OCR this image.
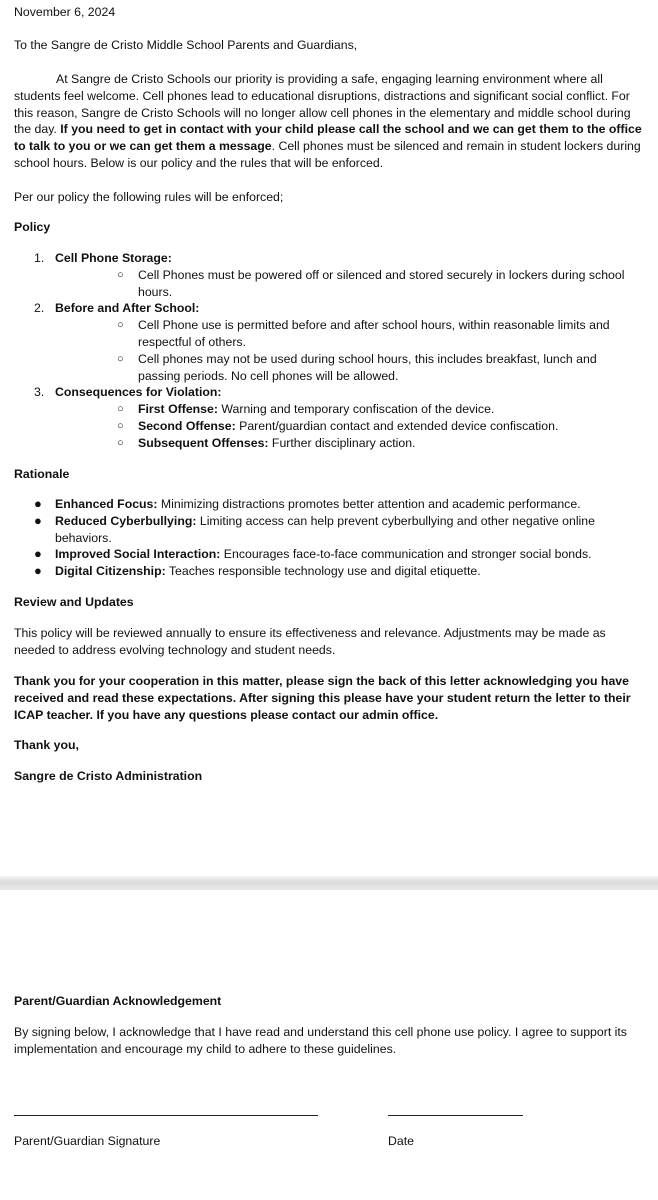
November 6, 2024

To the Sangre de Cristo Middle School Parents and Guardians,

At Sangre de Cristo Schools our priority is providing a safe, engaging learning environment where all students feel welcome. Cell phones lead to educational disruptions, distractions and significant social conflict. For this reason, Sangre de Cristo Schools will no longer allow cell phones in the elementary and middle school during the day. If you need to get in contact with your child please call the school and we can get them to the office to talk to you or we can get them a message. Cell phones must be silenced and remain in student lockers during school hours. Below is our policy and the rules that will be enforced.

Per our policy the following rules will be enforced;

Policy

1. Cell Phone Storage:
○ Cell Phones must be powered off or silenced and stored securely in lockers during school hours.
2. Before and After School:
○ Cell Phone use is permitted before and after school hours, within reasonable limits and respectful of others.
○ Cell phones may not be used during school hours, this includes breakfast, lunch and passing periods. No cell phones will be allowed.
3. Consequences for Violation:
○ First Offense: Warning and temporary confiscation of the device.
○ Second Offense: Parent/guardian contact and extended device confiscation.
○ Subsequent Offenses: Further disciplinary action.

Rationale

● Enhanced Focus: Minimizing distractions promotes better attention and academic performance.
● Reduced Cyberbullying: Limiting access can help prevent cyberbullying and other negative online behaviors.
● Improved Social Interaction: Encourages face-to-face communication and stronger social bonds.
● Digital Citizenship: Teaches responsible technology use and digital etiquette.

Review and Updates

This policy will be reviewed annually to ensure its effectiveness and relevance. Adjustments may be made as needed to address evolving technology and student needs.

Thank you for your cooperation in this matter, please sign the back of this letter acknowledging you have received and read these expectations. After signing this please have your student return the letter to their ICAP teacher. If you have any questions please contact our admin office.

Thank you,

Sangre de Cristo Administration

Parent/Guardian Acknowledgement

By signing below, I acknowledge that I have read and understand this cell phone use policy. I agree to support its implementation and encourage my child to adhere to these guidelines.

Parent/Guardian Signature	Date
